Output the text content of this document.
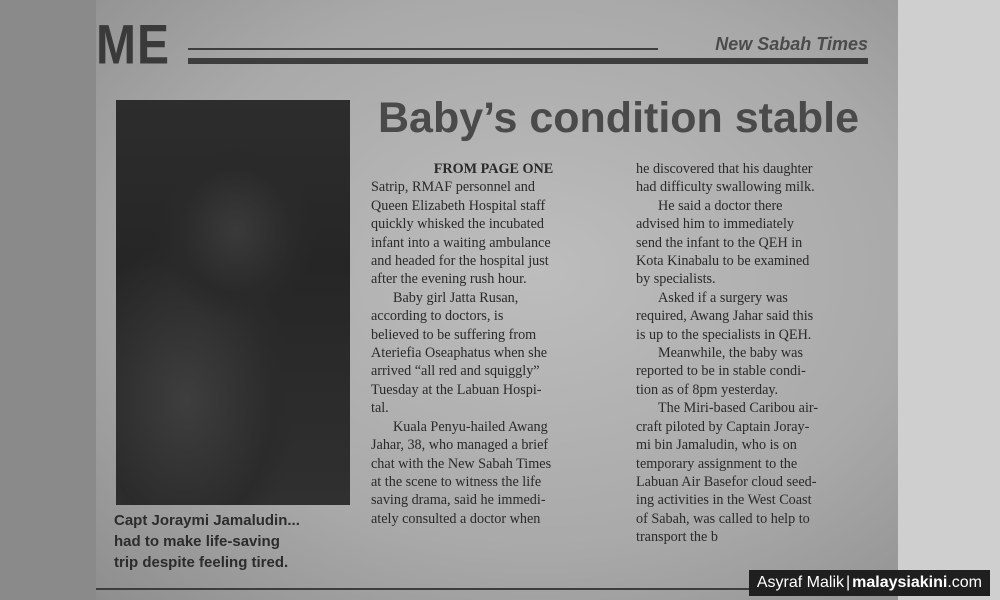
ME	New Sabah Times
Capt Joraymi Jamaludin...
had to make life-saving
trip despite feeling tired.
Baby’s condition stable
FROM PAGE ONE
Satrip, RMAF personnel and
Queen Elizabeth Hospital staff
quickly whisked the incubated
infant into a waiting ambulance
and headed for the hospital just
after the evening rush hour.
Baby girl Jatta Rusan,
according to doctors, is
believed to be suffering from
Ateriefia Oseaphatus when she
arrived “all red and squiggly”
Tuesday at the Labuan Hospi-
tal.
Kuala Penyu-hailed Awang
Jahar, 38, who managed a brief
chat with the New Sabah Times
at the scene to witness the life
saving drama, said he immedi-
ately consulted a doctor when
he discovered that his daughter
had difficulty swallowing milk.
He said a doctor there
advised him to immediately
send the infant to the QEH in
Kota Kinabalu to be examined
by specialists.
Asked if a surgery was
required, Awang Jahar said this
is up to the specialists in QEH.
Meanwhile, the baby was
reported to be in stable condi-
tion as of 8pm yesterday.
The Miri-based Caribou air-
craft piloted by Captain Joray-
mi bin Jamaludin, who is on
temporary assignment to the
Labuan Air Basefor cloud seed-
ing activities in the West Coast
of Sabah, was called to help to
transport the b
Asyraf Malik | malaysiakini.com
